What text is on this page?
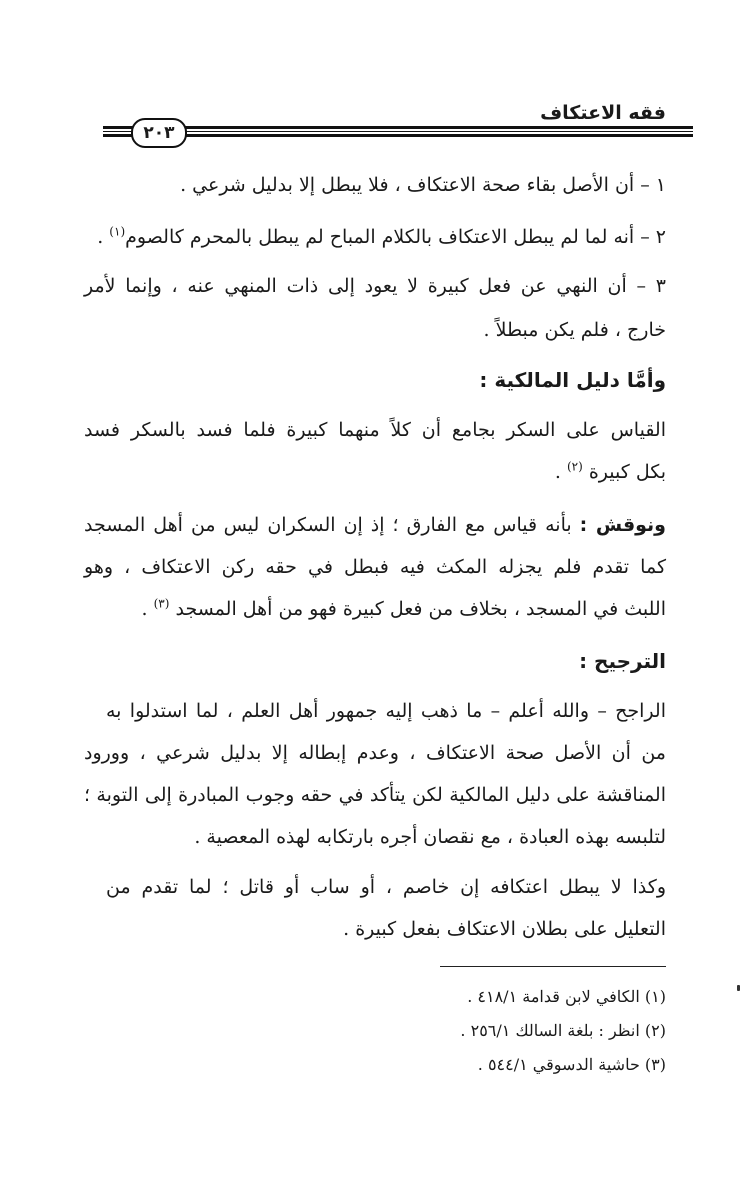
فقه الاعتكاف
٢٠٣
١ – أن الأصل بقاء صحة الاعتكاف ، فلا يبطل إلا بدليل شرعي .
٢ – أنه لما لم يبطل الاعتكاف بالكلام المباح لم يبطل بالمحرم كالصوم$^{(١)}$ .
٣ – أن النهي عن فعل كبيرة لا يعود إلى ذات المنهي عنه ، وإنما لأمر
خارج ، فلم يكن مبطلاً .
وأمَّا دليل المالكية :
القياس على السكر بجامع أن كلاً منهما كبيرة فلما فسد بالسكر فسد
بكل كبيرة $^{(٢)}$ .
ونوقش : بأنه قياس مع الفارق ؛ إذ إن السكران ليس من أهل المسجد
كما تقدم فلم يجزله المكث فيه فبطل في حقه ركن الاعتكاف ، وهو
اللبث في المسجد ، بخلاف من فعل كبيرة فهو من أهل المسجد $^{(٣)}$ .
الترجيح :
الراجح – والله أعلم – ما ذهب إليه جمهور أهل العلم ، لما استدلوا به
من أن الأصل صحة الاعتكاف ، وعدم إبطاله إلا بدليل شرعي ، وورود
المناقشة على دليل المالكية لكن يتأكد في حقه وجوب المبادرة إلى التوبة ؛
لتلبسه بهذه العبادة ، مع نقصان أجره بارتكابه لهذه المعصية .
وكذا لا يبطل اعتكافه إن خاصم ، أو ساب أو قاتل ؛ لما تقدم من
التعليل على بطلان الاعتكاف بفعل كبيرة .
(١) الكافي لابن قدامة ٤١٨/١ .
(٢) انظر : بلغة السالك ٢٥٦/١ .
(٣) حاشية الدسوقي ٥٤٤/١ .
